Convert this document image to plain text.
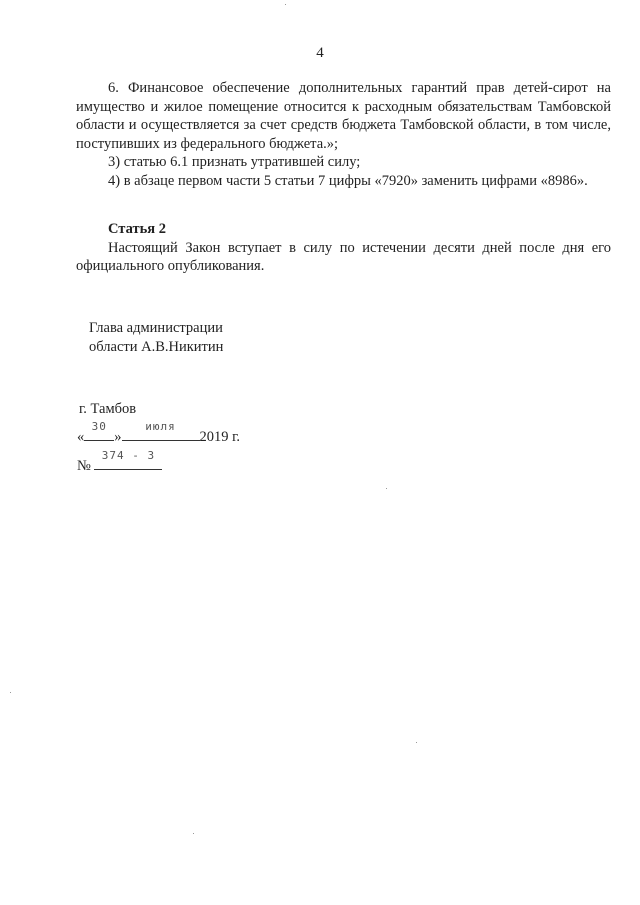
4

6. Финансовое обеспечение дополнительных гарантий прав детей-сирот на имущество и жилое помещение относится к расходным обязательствам Тамбовской области и осуществляется за счет средств бюджета Тамбовской области, в том числе, поступивших из федерального бюджета.»;

3) статью 6.1 признать утратившей силу;

4) в абзаце первом части 5 статьи 7 цифры «7920» заменить цифрами «8986».

Статья 2

Настоящий Закон вступает в силу по истечении десяти дней после дня его официального опубликования.

Глава администрации
области А.В.Никитин
г. Тамбов
«
30
»
июля
2019 г.
№
374 - З
